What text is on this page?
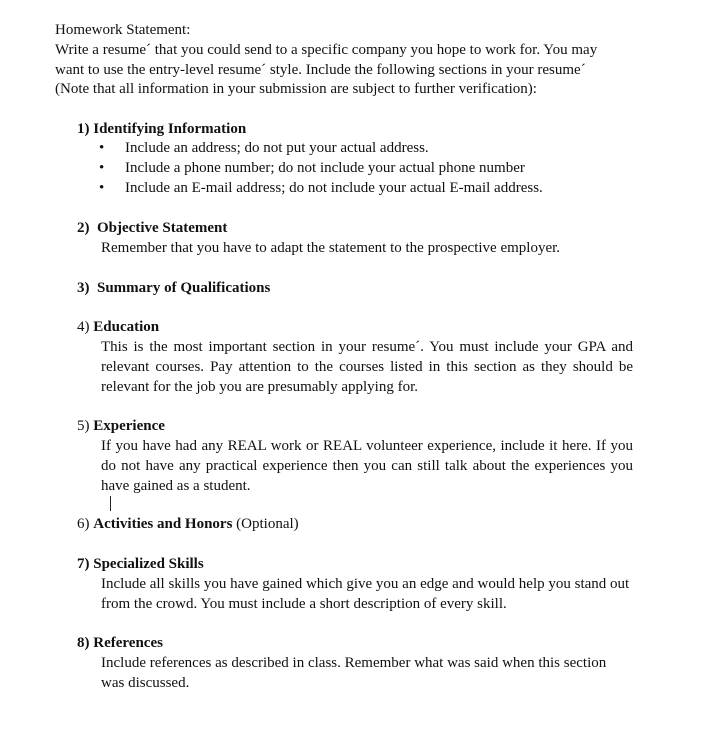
Homework Statement:

Write a resume´ that you could send to a specific company you hope to work for. You may

want to use the entry-level resume´ style. Include the following sections in your resume´

(Note that all information in your submission are subject to further verification):

1) Identifying Information
• Include an address; do not put your actual address.
• Include a phone number; do not include your actual phone number
• Include an E-mail address; do not include your actual E-mail address.
2) Objective Statement
Remember that you have to adapt the statement to the prospective employer.
3) Summary of Qualifications
4) Education
This is the most important section in your resume´. You must include your GPA and relevant courses. Pay attention to the courses listed in this section as they should be relevant for the job you are presumably applying for.
5) Experience
If you have had any REAL work or REAL volunteer experience, include it here. If you do not have any practical experience then you can still talk about the experiences you have gained as a student.
6) Activities and Honors (Optional)
7) Specialized Skills
Include all skills you have gained which give you an edge and would help you stand out from the crowd. You must include a short description of every skill.
8) References
Include references as described in class. Remember what was said when this section was discussed.
